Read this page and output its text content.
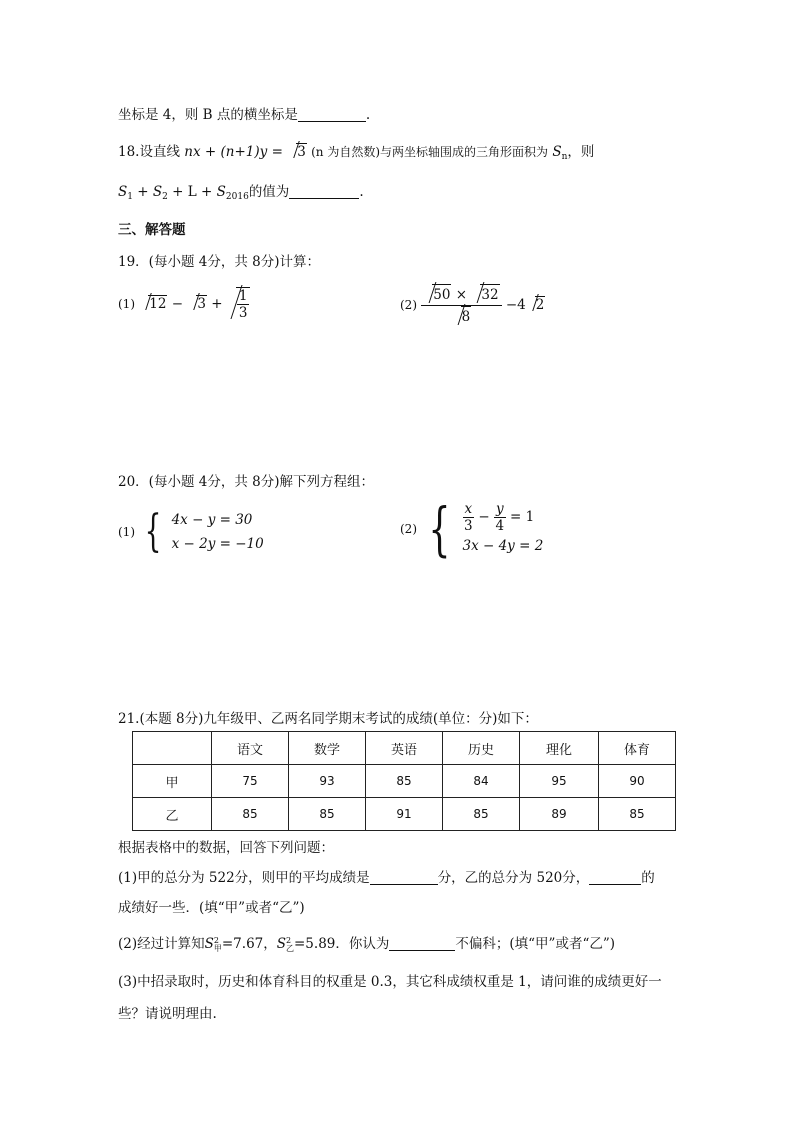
坐标是 4，则 B 点的横坐标是	.
18.设直线 nx + (n+1)y = 3 (n 为自然数)与两坐标轴围成的三角形面积为 $S_n$，则
$S_1 + S_2 + L + S_{2016}$的值为	.
三、解答题
19．(每小题 4分，共 8分)计算：
(1) $12 - 3 + \frac{1}{3}$	$(2) \frac{50 \times 32}{8} -4$ 2
20．(每小题 4分，共 8分)解下列方程组：
(1) { 4x − y = 30
x − 2y = −10
(2) { $\frac{x}{3} - \frac{y}{4} = 1$
3x − 4y = 2
21.(本题 8分)九年级甲、乙两名同学期末考试的成绩(单位：分)如下：
	语文	数学	英语	历史	理化	体育
甲	75	93	85	84	95	90
乙	85	85	91	85	89	85
根据表格中的数据，回答下列问题：
(1)甲的总分为 522分，则甲的平均成绩是	分，乙的总分为 520分，	的
成绩好一些．(填“甲”或者“乙”)
(2)经过计算知S 2
甲 =7.67，S 2
乙 =5.89．你认为	不偏科；(填“甲”或者“乙”)
(3)中招录取时，历史和体育科目的权重是 0.3，其它科成绩权重是 1，请问谁的成绩更好一
些？请说明理由.
